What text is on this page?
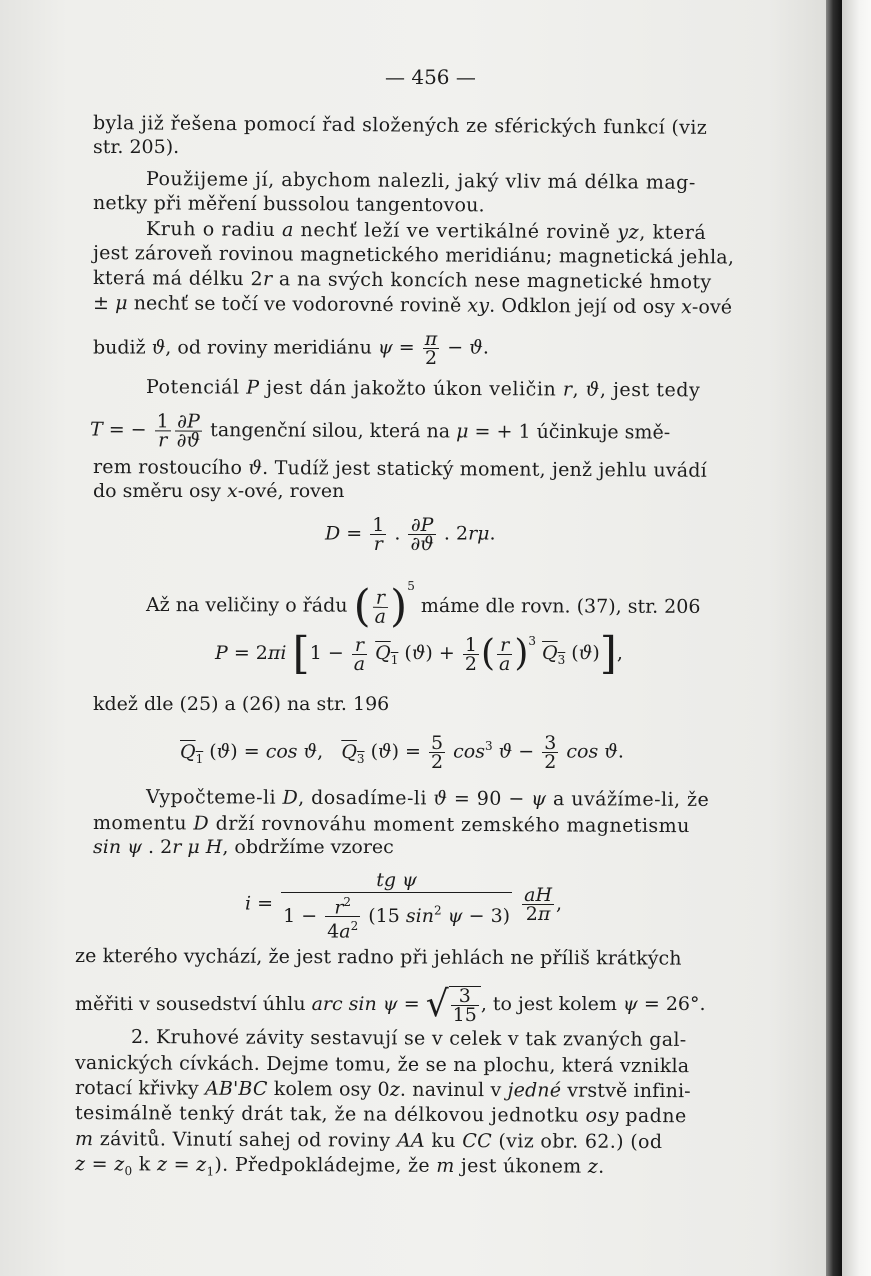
— 456 —
byla již řešena pomocí řad složených ze sférických funkcí (viz
str. 205).
Použijeme jí, abychom nalezli, jaký vliv má délka mag-
netky při měření bussolou tangentovou.
Kruh o radiu a nechť leží ve vertikálné rovině yz, která
jest zároveň rovinou magnetického meridiánu; magnetická jehla,
která má délku 2r a na svých koncích nese magnetické hmoty
± μ nechť se točí ve vodorovné rovině xy. Odklon její od osy x-ové
budiž ϑ, od roviny meridiánu $\psi = \frac{\pi}{2} - ϑ$.
Potenciál P jest dán jakožto úkon veličin r, ϑ, jest tedy
T = − $\frac{1}{r} \frac{\partial P}{\partial ϑ}$ tangenční silou, která na μ = + 1 účinkuje smě-
rem rostoucího ϑ. Tudíž jest statický moment, jenž jehlu uvádí
do směru osy x-ové, roven
$D = \frac{1}{r}$ . $\frac{\partial P}{\partial ϑ}$ . 2rμ.
Až na veličiny o řádu ( $\frac{r}{a} )^5$ máme dle rovn. (37), str. 206
P = 2πi [$1 - \frac{r}{a} Q_1$ $(ϑ) + \frac{1}{2}$ ( $\frac{r}{a} )^3$ $Q_3$ (ϑ)],
kdež dle (25) a (26) na str. 196
$Q_1$ (ϑ) = cos ϑ,   $Q_3$ $(ϑ) = \frac{5}{2} \cos^3 ϑ - \frac{3}{2}$ cos ϑ.
Vypočteme-li D, dosadíme-li ϑ = 90 − ψ a uvážíme-li, že
momentu D drží rovnováhu moment zemského magnetismu
sin ψ . 2r μ H, obdržíme vzorec
$i = \frac{\text{tg ψ}}{1 - \frac{r^2}{4a^2} (15 \sin^2 \psi - 3)}$
$\frac{aH}{2\pi}$ ,
ze kterého vychází, že jest radno při jehlách ne příliš krátkých
měřiti v sousedství úhlu arc sin ψ = √ $\frac{3}{15}$ , to jest kolem ψ = 26°.
2. Kruhové závity sestavují se v celek v tak zvaných gal-
vanických cívkách. Dejme tomu, že se na plochu, která vznikla
rotací křivky AB'BC kolem osy 0z. navinul v jedné vrstvě infini-
tesimálně tenký drát tak, že na délkovou jednotku osy padne
m závitů. Vinutí sahej od roviny AA ku CC (viz obr. 62.) (od
$z = z_0$ k $z = z_1$). Předpokládejme, že m jest úkonem z.
